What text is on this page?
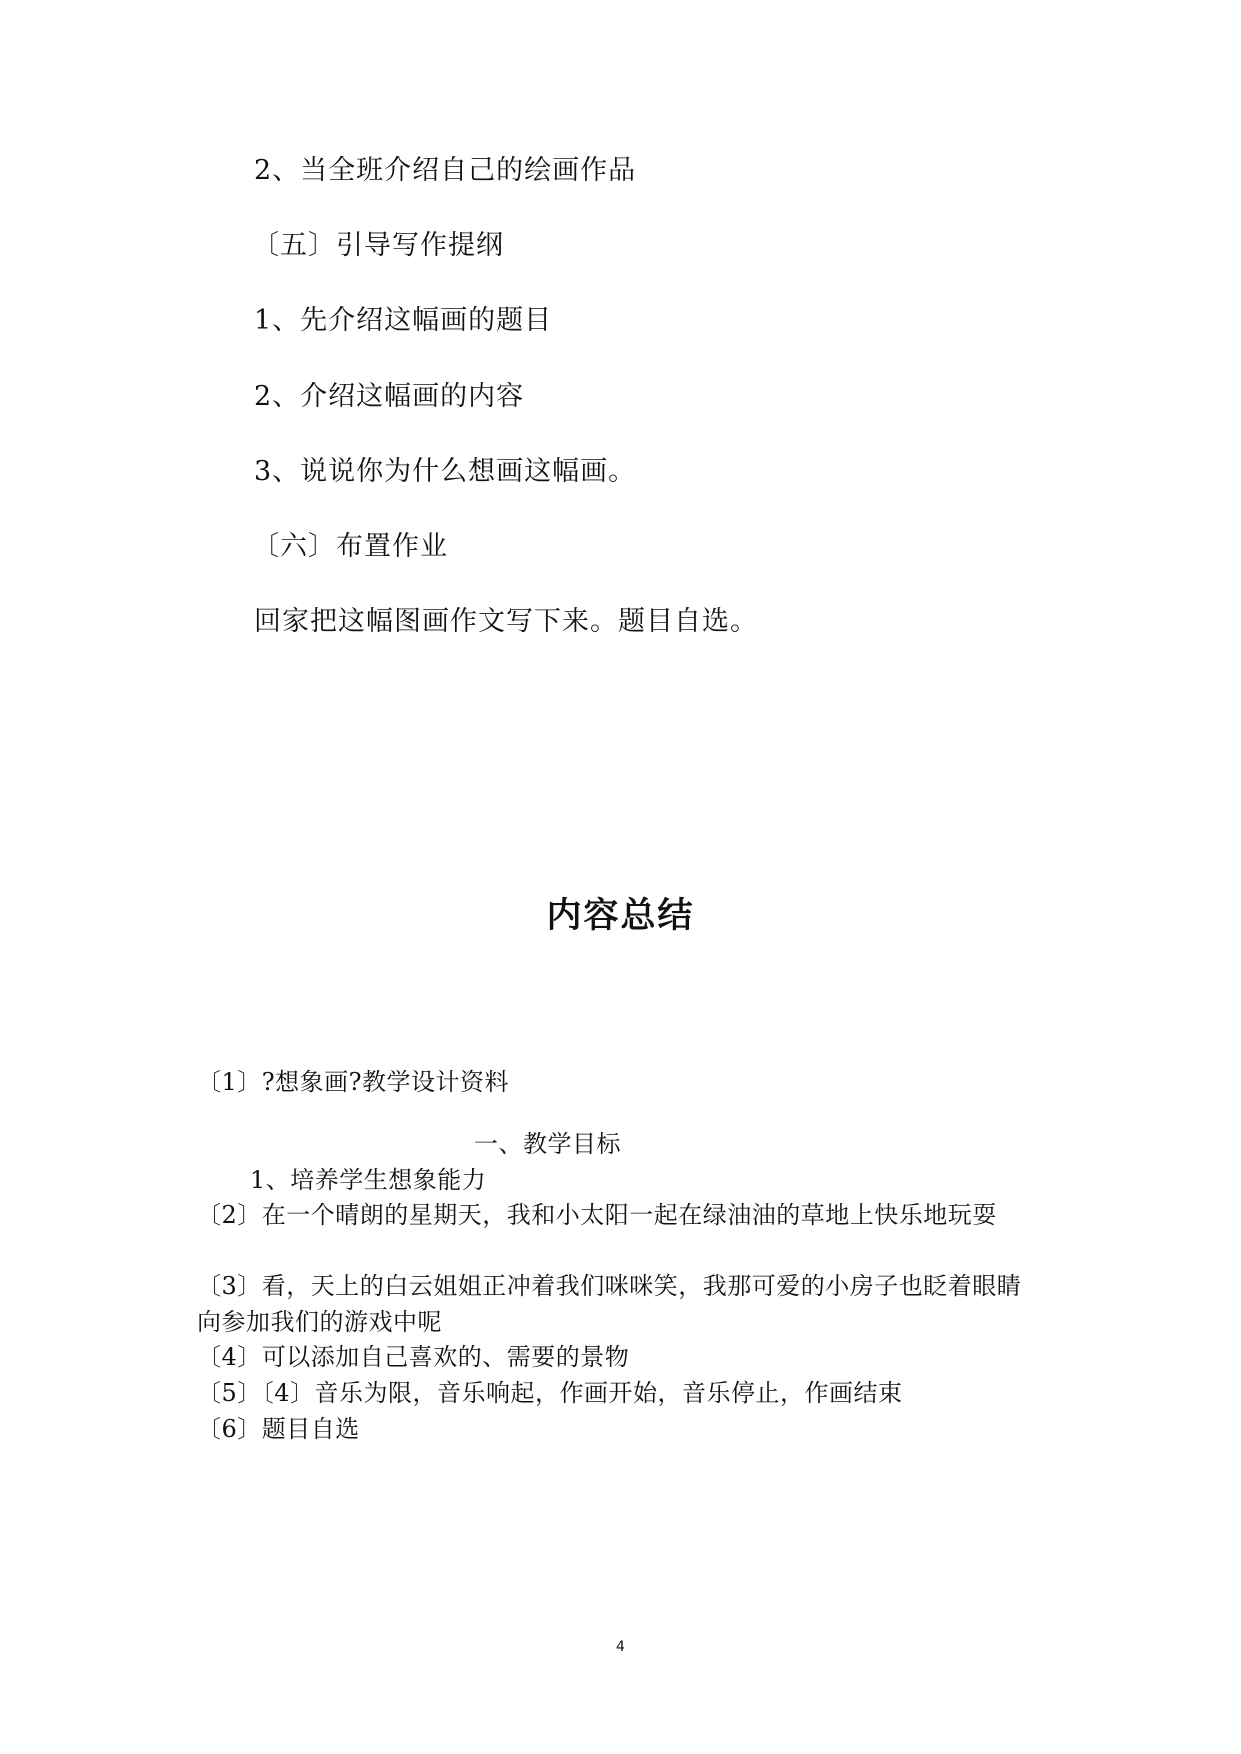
2、当全班介绍自己的绘画作品
〔五〕引导写作提纲
1、先介绍这幅画的题目
2、介绍这幅画的内容
3、说说你为什么想画这幅画。
〔六〕布置作业
回家把这幅图画作文写下来。题目自选。
内容总结
〔1〕?想象画?教学设计资料
一、教学目标
1、培养学生想象能力
〔2〕在一个晴朗的星期天，我和小太阳一起在绿油油的草地上快乐地玩耍
〔3〕看，天上的白云姐姐正冲着我们咪咪笑，我那可爱的小房子也眨着眼睛向参加我们的游戏中呢
〔4〕可以添加自己喜欢的、需要的景物
〔5〕〔4〕音乐为限，音乐响起，作画开始，音乐停止，作画结束
〔6〕题目自选
4
